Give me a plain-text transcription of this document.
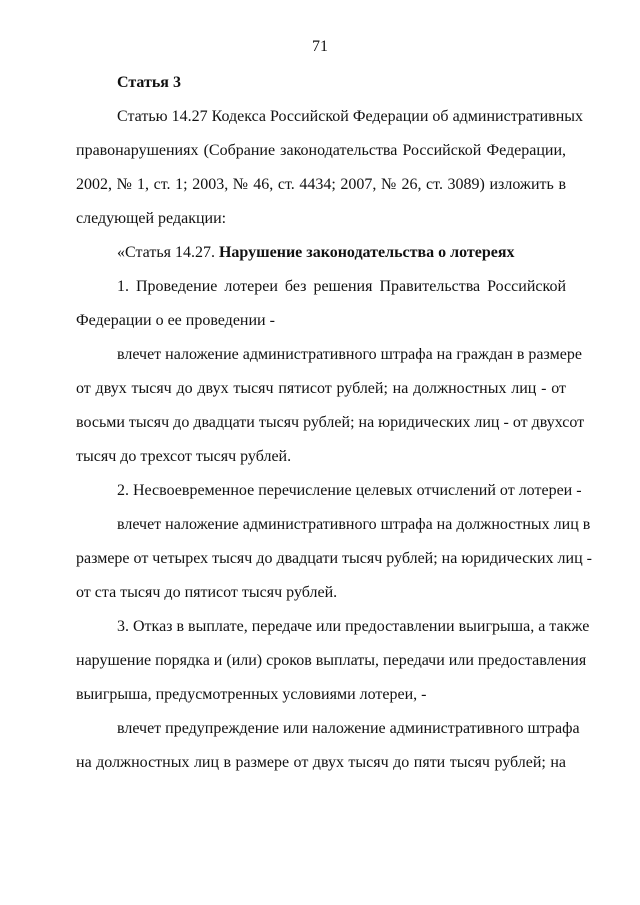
71
Статья 3
Статью 14.27 Кодекса Российской Федерации об административных
правонарушениях (Собрание законодательства Российской Федерации,
2002, № 1, ст. 1; 2003, № 46, ст. 4434; 2007, № 26, ст. 3089) изложить в
следующей редакции:
«Статья 14.27. Нарушение законодательства о лотереях
1. Проведение лотереи без решения Правительства Российской
Федерации о ее проведении -
влечет наложение административного штрафа на граждан в размере
от двух тысяч до двух тысяч пятисот рублей; на должностных лиц - от
восьми тысяч до двадцати тысяч рублей; на юридических лиц - от двухсот
тысяч до трехсот тысяч рублей.
2. Несвоевременное перечисление целевых отчислений от лотереи -
влечет наложение административного штрафа на должностных лиц в
размере от четырех тысяч до двадцати тысяч рублей; на юридических лиц -
от ста тысяч до пятисот тысяч рублей.
3. Отказ в выплате, передаче или предоставлении выигрыша, а также
нарушение порядка и (или) сроков выплаты, передачи или предоставления
выигрыша, предусмотренных условиями лотереи, -
влечет предупреждение или наложение административного штрафа
на должностных лиц в размере от двух тысяч до пяти тысяч рублей; на
